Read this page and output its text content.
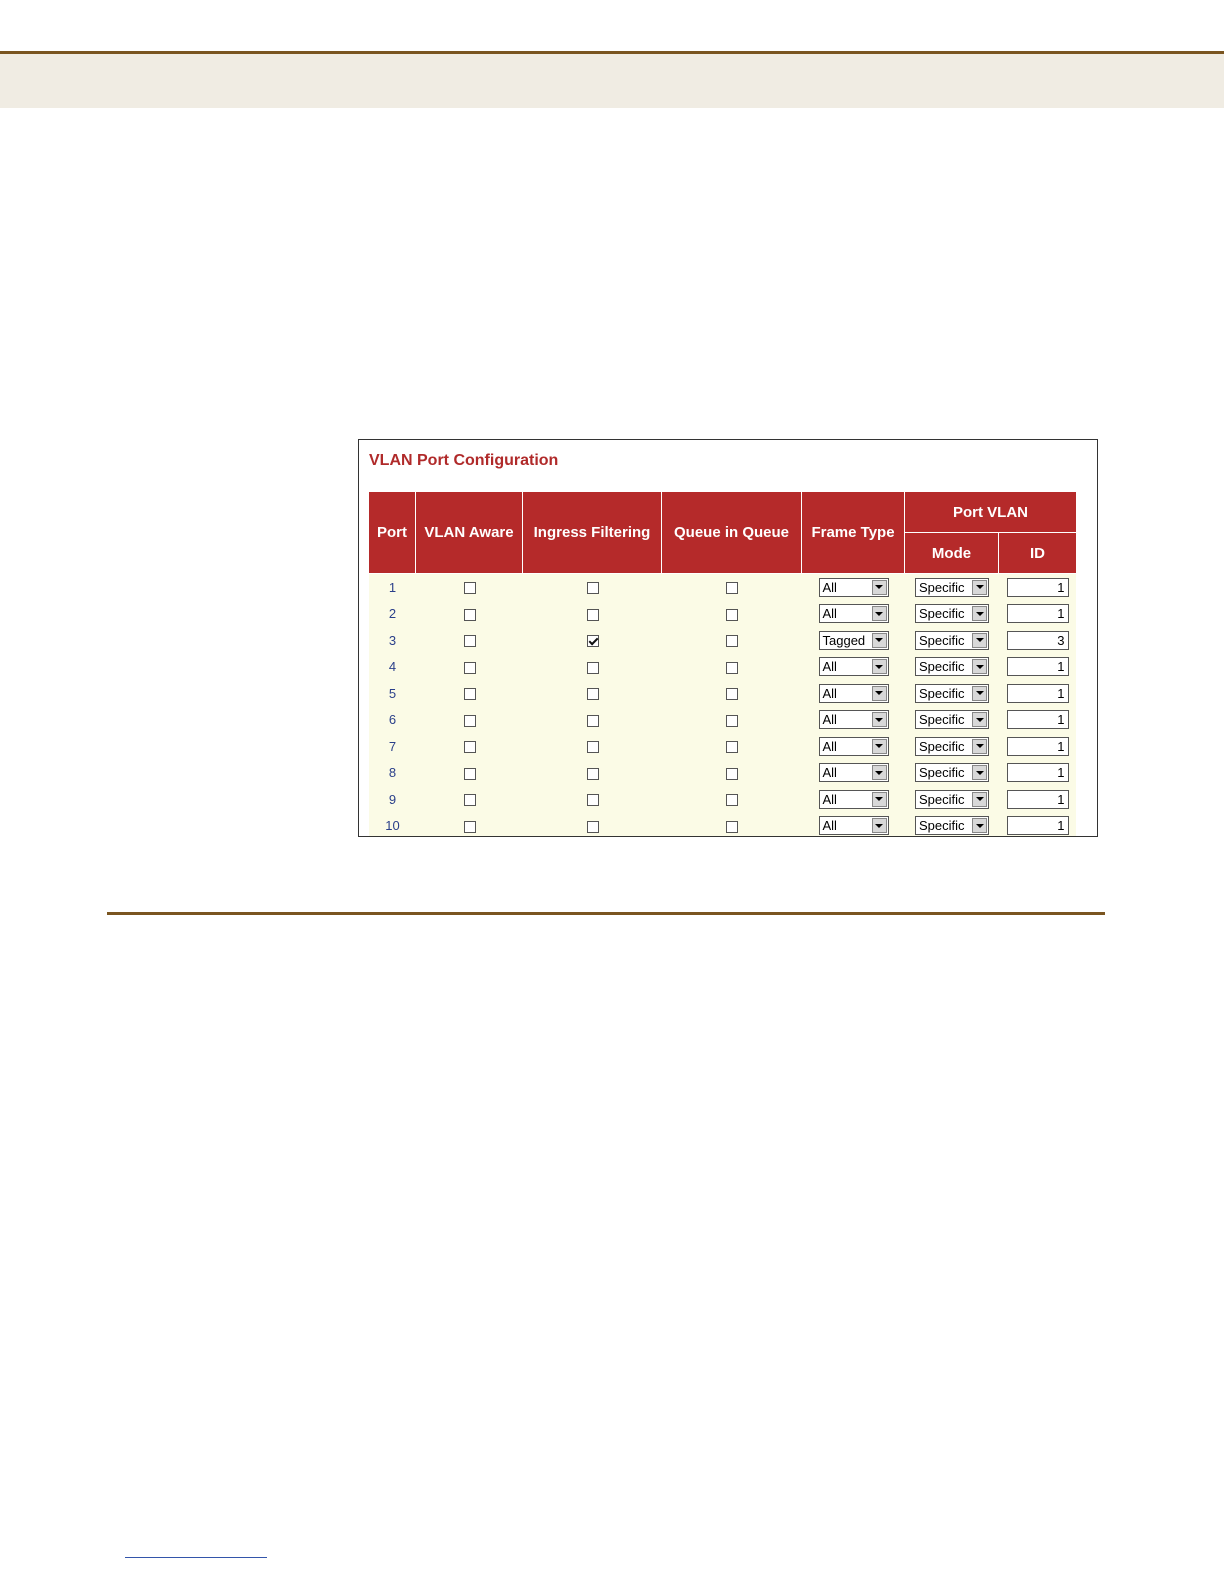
VLAN Port Configuration
Port	VLAN Aware	Ingress Filtering	Queue in Queue	Frame Type	Port VLAN	
					Mode	ID
1				All	Specific	1
2				All	Specific	1
3				Tagged	Specific	3
4				All	Specific	1
5				All	Specific	1
6				All	Specific	1
7				All	Specific	1
8				All	Specific	1
9				All	Specific	1
10				All	Specific	1
